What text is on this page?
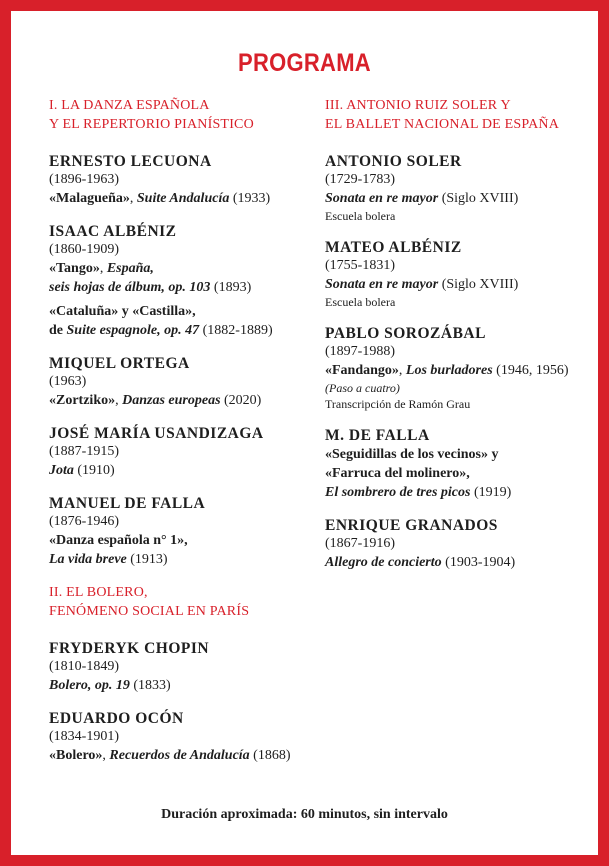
PROGRAMA
I. LA DANZA ESPAÑOLA
Y EL REPERTORIO PIANÍSTICO
ERNESTO LECUONA
(1896-1963)
«Malagueña», Suite Andalucía (1933)
ISAAC ALBÉNIZ
(1860-1909)
«Tango», España,
seis hojas de álbum, op. 103 (1893)
«Cataluña» y «Castilla»,
de Suite espagnole, op. 47 (1882-1889)
MIQUEL ORTEGA
(1963)
«Zortziko», Danzas europeas (2020)
JOSÉ MARÍA USANDIZAGA
(1887-1915)
Jota (1910)
MANUEL DE FALLA
(1876-1946)
«Danza española n° 1»,
La vida breve (1913)
II. EL BOLERO,
FENÓMENO SOCIAL EN PARÍS
FRYDERYK CHOPIN
(1810-1849)
Bolero, op. 19 (1833)
EDUARDO OCÓN
(1834-1901)
«Bolero», Recuerdos de Andalucía (1868)
III. ANTONIO RUIZ SOLER Y
EL BALLET NACIONAL DE ESPAÑA
ANTONIO SOLER
(1729-1783)
Sonata en re mayor (Siglo XVIII)
Escuela bolera
MATEO ALBÉNIZ
(1755-1831)
Sonata en re mayor (Siglo XVIII)
Escuela bolera
PABLO SOROZÁBAL
(1897-1988)
«Fandango», Los burladores (1946, 1956)
(Paso a cuatro)
Transcripción de Ramón Grau
M. DE FALLA
«Seguidillas de los vecinos» y
«Farruca del molinero»,
El sombrero de tres picos (1919)
ENRIQUE GRANADOS
(1867-1916)
Allegro de concierto (1903-1904)
Duración aproximada: 60 minutos, sin intervalo
